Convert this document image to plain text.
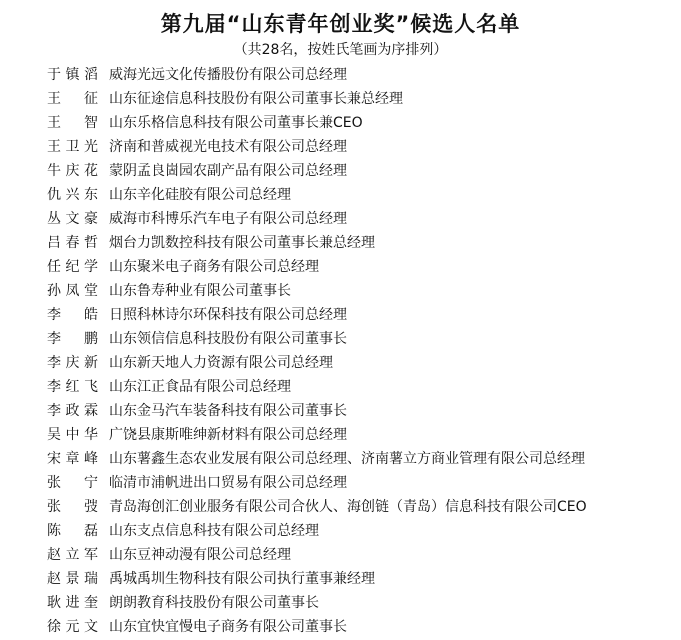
第九届“山东青年创业奖”候选人名单
（共28名，按姓氏笔画为序排列）
于镇滔 威海光远文化传播股份有限公司总经理
王　征 山东征途信息科技股份有限公司董事长兼总经理
王　智 山东乐格信息科技有限公司董事长兼CEO
王卫光 济南和普威视光电技术有限公司总经理
牛庆花 蒙阴孟良崮园农副产品有限公司总经理
仇兴东 山东辛化硅胶有限公司总经理
丛文豪 威海市科博乐汽车电子有限公司总经理
吕春哲 烟台力凯数控科技有限公司董事长兼总经理
任纪学 山东聚米电子商务有限公司总经理
孙凤堂 山东鲁寿种业有限公司董事长
李　皓 日照科林诗尔环保科技有限公司总经理
李　鹏 山东领信信息科技股份有限公司董事长
李庆新 山东新天地人力资源有限公司总经理
李红飞 山东江正食品有限公司总经理
李政霖 山东金马汽车装备科技有限公司董事长
吴中华 广饶县康斯唯绅新材料有限公司总经理
宋章峰 山东薯鑫生态农业发展有限公司总经理、济南薯立方商业管理有限公司总经理
张　宁 临清市浦帆进出口贸易有限公司总经理
张　弢 青岛海创汇创业服务有限公司合伙人、海创链（青岛）信息科技有限公司CEO
陈　磊 山东支点信息科技有限公司总经理
赵立军 山东豆神动漫有限公司总经理
赵景瑞 禹城禹圳生物科技有限公司执行董事兼经理
耿进奎 朗朗教育科技股份有限公司董事长
徐元文 山东宜快宜慢电子商务有限公司董事长
